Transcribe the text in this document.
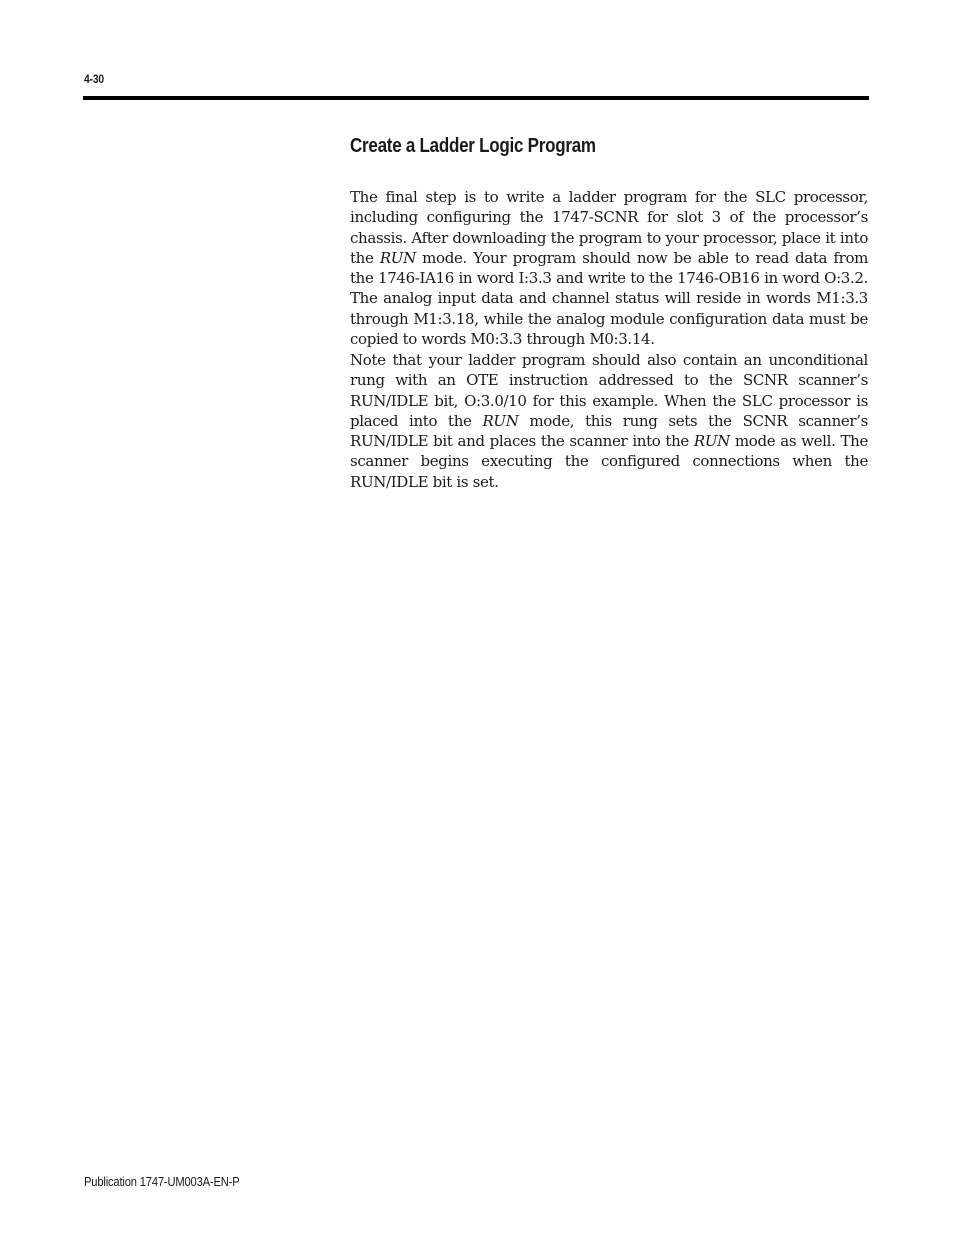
4-30
Create a Ladder Logic Program

The final step is to write a ladder program for the SLC processor, including configuring the 1747-SCNR for slot 3 of the processor’s chassis. After downloading the program to your processor, place it into the RUN mode. Your program should now be able to read data from the 1746-IA16 in word I:3.3 and write to the 1746-OB16 in word O:3.2. The analog input data and channel status will reside in words M1:3.3 through M1:3.18, while the analog module configuration data must be copied to words M0:3.3 through M0:3.14.

Note that your ladder program should also contain an unconditional rung with an OTE instruction addressed to the SCNR scanner’s RUN/IDLE bit, O:3.0/10 for this example. When the SLC processor is placed into the RUN mode, this rung sets the SCNR scanner’s RUN/IDLE bit and places the scanner into the RUN mode as well. The scanner begins executing the configured connections when the RUN/IDLE bit is set.

Publication 1747-UM003A-EN-P
